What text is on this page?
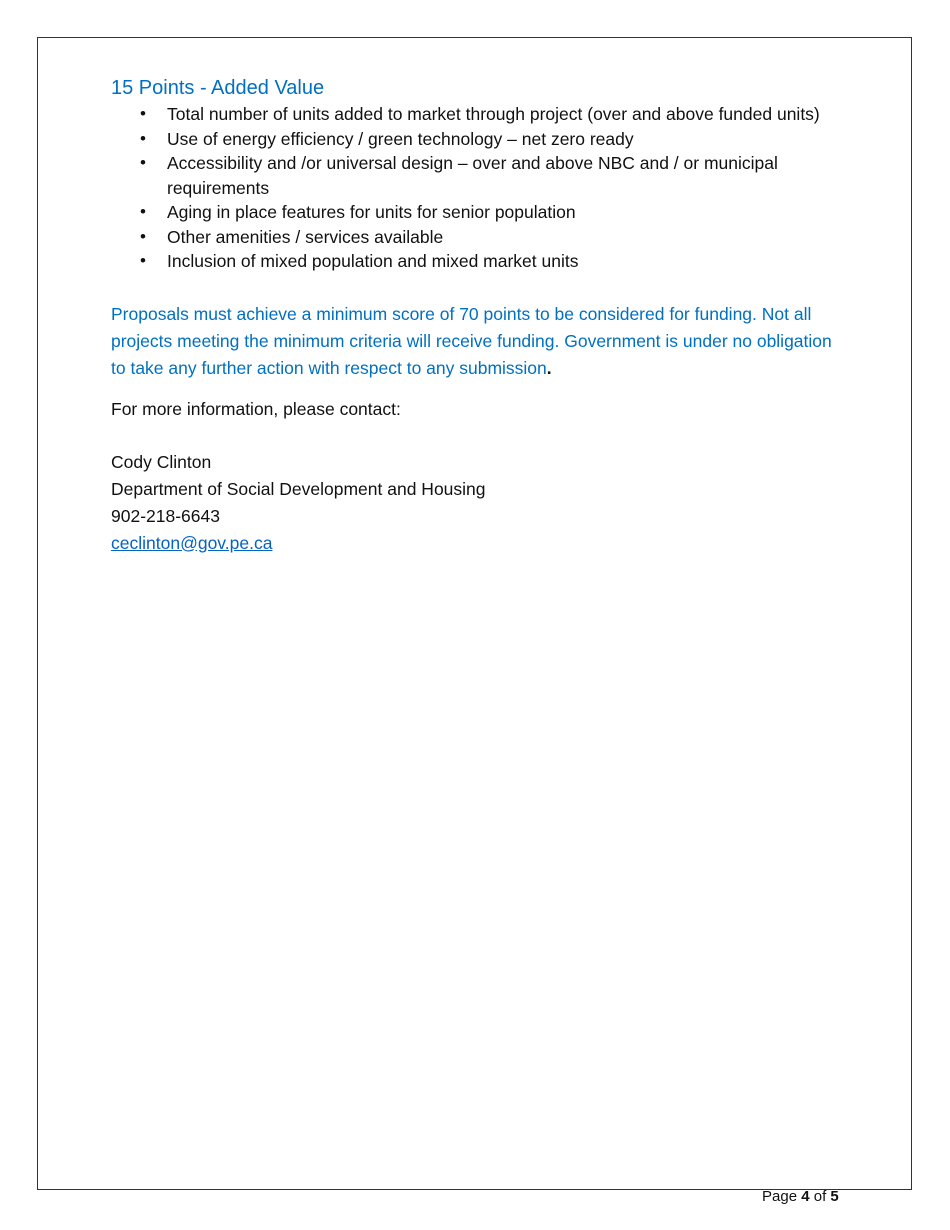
15 Points - Added Value
• Total number of units added to market through project (over and above funded units)
• Use of energy efficiency / green technology – net zero ready
• Accessibility and /or universal design – over and above NBC and / or municipal requirements
• Aging in place features for units for senior population
• Other amenities / services available
• Inclusion of mixed population and mixed market units

Proposals must achieve a minimum score of 70 points to be considered for funding. Not all projects meeting the minimum criteria will receive funding. Government is under no obligation to take any further action with respect to any submission.

For more information, please contact:

Cody Clinton

Department of Social Development and Housing

902-218-6643

ceclinton@gov.pe.ca

Page 4 of 5
